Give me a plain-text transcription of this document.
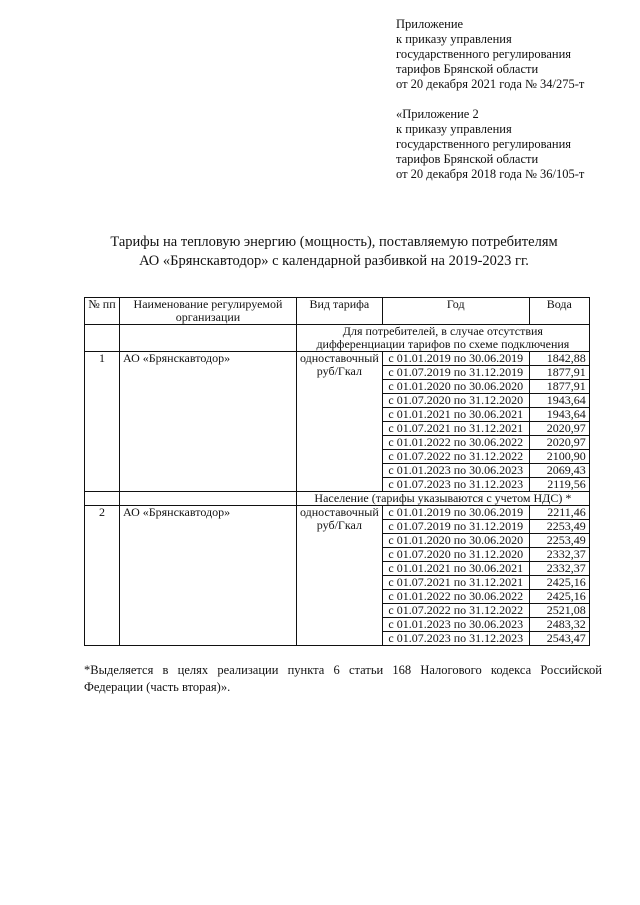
Приложение
к приказу управления
государственного регулирования
тарифов Брянской области
от 20 декабря 2021 года № 34/275-т
«Приложение 2
к приказу управления
государственного регулирования
тарифов Брянской области
от 20 декабря 2018 года № 36/105-т
Тарифы на тепловую энергию (мощность), поставляемую потребителям
АО «Брянскавтодор» с календарной разбивкой на 2019-2023 гг.
№ пп	Наименование регулируемой организации	Вид тарифа	Год	Вода
		Для потребителей, в случае отсутствия дифференциации тарифов по схеме подключения		
1	АО «Брянскавтодор»	одноставочный руб/Гкал	с 01.01.2019 по 30.06.2019	1842,88
			с 01.07.2019 по 31.12.2019	1877,91
			с 01.01.2020 по 30.06.2020	1877,91
			с 01.07.2020 по 31.12.2020	1943,64
			с 01.01.2021 по 30.06.2021	1943,64
			с 01.07.2021 по 31.12.2021	2020,97
			с 01.01.2022 по 30.06.2022	2020,97
			с 01.07.2022 по 31.12.2022	2100,90
			с 01.01.2023 по 30.06.2023	2069,43
			с 01.07.2023 по 31.12.2023	2119,56
		Население (тарифы указываются с учетом НДС) *		
2	АО «Брянскавтодор»	одноставочный руб/Гкал	с 01.01.2019 по 30.06.2019	2211,46
			с 01.07.2019 по 31.12.2019	2253,49
			с 01.01.2020 по 30.06.2020	2253,49
			с 01.07.2020 по 31.12.2020	2332,37
			с 01.01.2021 по 30.06.2021	2332,37
			с 01.07.2021 по 31.12.2021	2425,16
			с 01.01.2022 по 30.06.2022	2425,16
			с 01.07.2022 по 31.12.2022	2521,08
			с 01.01.2023 по 30.06.2023	2483,32
			с 01.07.2023 по 31.12.2023	2543,47
*Выделяется в целях реализации пункта 6 статьи 168 Налогового кодекса Российской Федерации (часть вторая)».
